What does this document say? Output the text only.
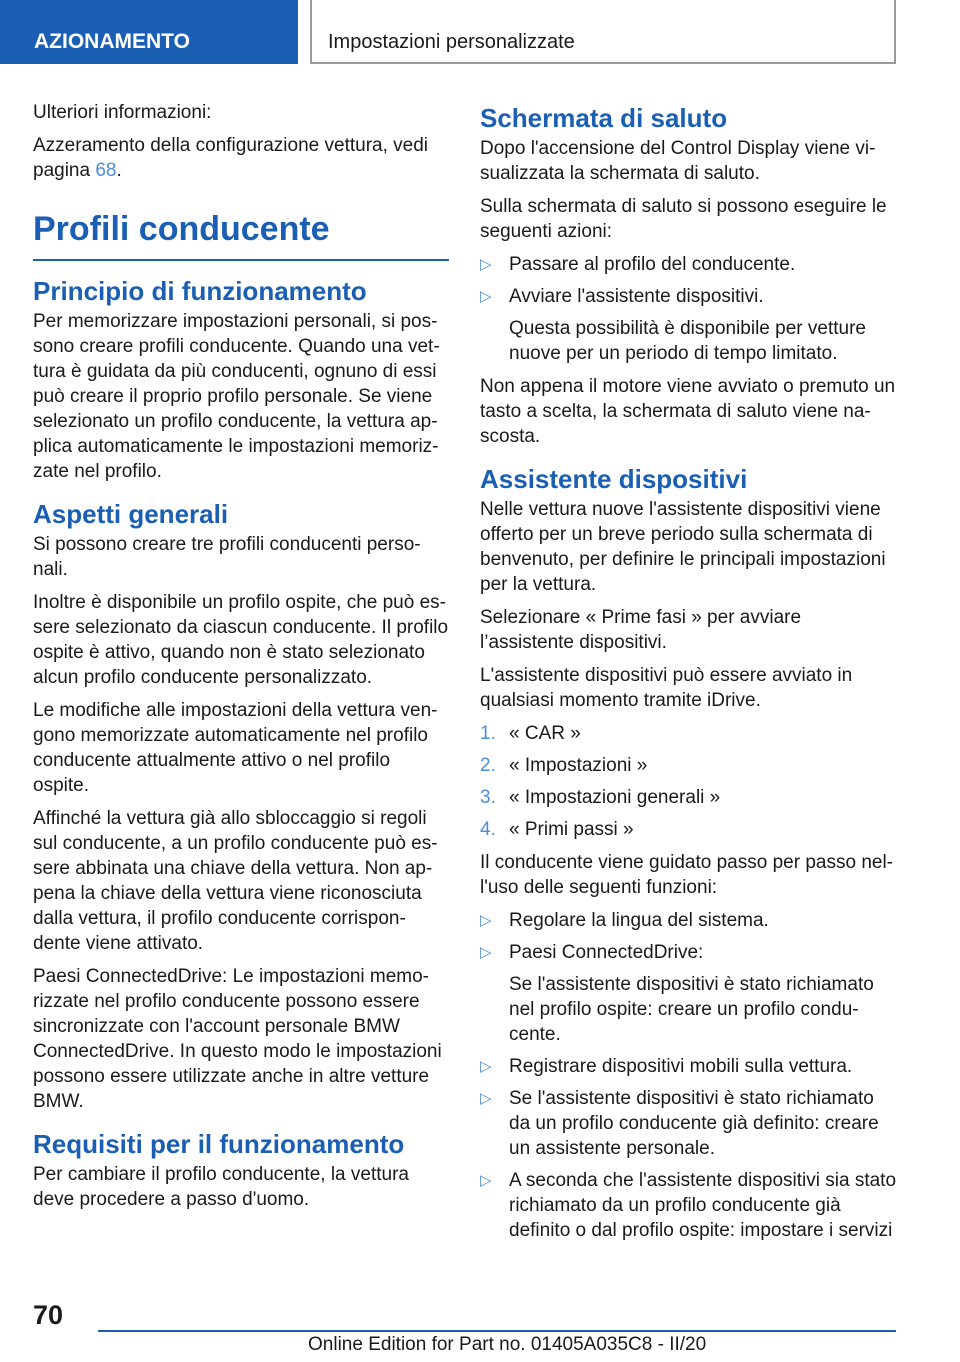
AZIONAMENTO	Impostazioni personalizzate

Ulteriori informazioni:

Azzeramento della configurazione vettura, vedi pagina 68.

Profili conducente
Principio di funzionamento

Per memorizzare impostazioni personali, si pos- sono creare profili conducente. Quando una vet- tura è guidata da più conducenti, ognuno di essi può creare il proprio profilo personale. Se viene selezionato un profilo conducente, la vettura ap- plica automaticamente le impostazioni memoriz- zate nel profilo.

Aspetti generali

Si possono creare tre profili conducenti perso- nali.

Inoltre è disponibile un profilo ospite, che può es- sere selezionato da ciascun conducente. Il profilo ospite è attivo, quando non è stato selezionato alcun profilo conducente personalizzato.

Le modifiche alle impostazioni della vettura ven- gono memorizzate automaticamente nel profilo conducente attualmente attivo o nel profilo ospite.

Affinché la vettura già allo sbloccaggio si regoli sul conducente, a un profilo conducente può es- sere abbinata una chiave della vettura. Non ap- pena la chiave della vettura viene riconosciuta dalla vettura, il profilo conducente corrispon- dente viene attivato.

Paesi ConnectedDrive: Le impostazioni memo- rizzate nel profilo conducente possono essere sincronizzate con l'account personale BMW ConnectedDrive. In questo modo le impostazioni possono essere utilizzate anche in altre vetture BMW.

Requisiti per il funzionamento

Per cambiare il profilo conducente, la vettura deve procedere a passo d'uomo.

Schermata di saluto

Dopo l'accensione del Control Display viene vi- sualizzata la schermata di saluto.

Sulla schermata di saluto si possono eseguire le seguenti azioni:

▷ Passare al profilo del conducente.
▷ Avviare l'assistente dispositivi.
Questa possibilità è disponibile per vetture nuove per un periodo di tempo limitato.

Non appena il motore viene avviato o premuto un tasto a scelta, la schermata di saluto viene na- scosta.

Assistente dispositivi

Nelle vettura nuove l'assistente dispositivi viene offerto per un breve periodo sulla schermata di benvenuto, per definire le principali impostazioni per la vettura.

Selezionare « Prime fasi » per avviare l’assistente dispositivi.

L'assistente dispositivi può essere avviato in qualsiasi momento tramite iDrive.

1. « CAR »
2. « Impostazioni »
3. « Impostazioni generali »
4. « Primi passi »

Il conducente viene guidato passo per passo nel- l'uso delle seguenti funzioni:

▷ Regolare la lingua del sistema.
▷ Paesi ConnectedDrive:
Se l'assistente dispositivi è stato richiamato nel profilo ospite: creare un profilo condu- cente.
▷ Registrare dispositivi mobili sulla vettura.
▷ Se l'assistente dispositivi è stato richiamato da un profilo conducente già definito: creare un assistente personale.
▷ A seconda che l'assistente dispositivi sia stato richiamato da un profilo conducente già definito o dal profilo ospite: impostare i servizi
70
Online Edition for Part no. 01405A035C8 - II/20
